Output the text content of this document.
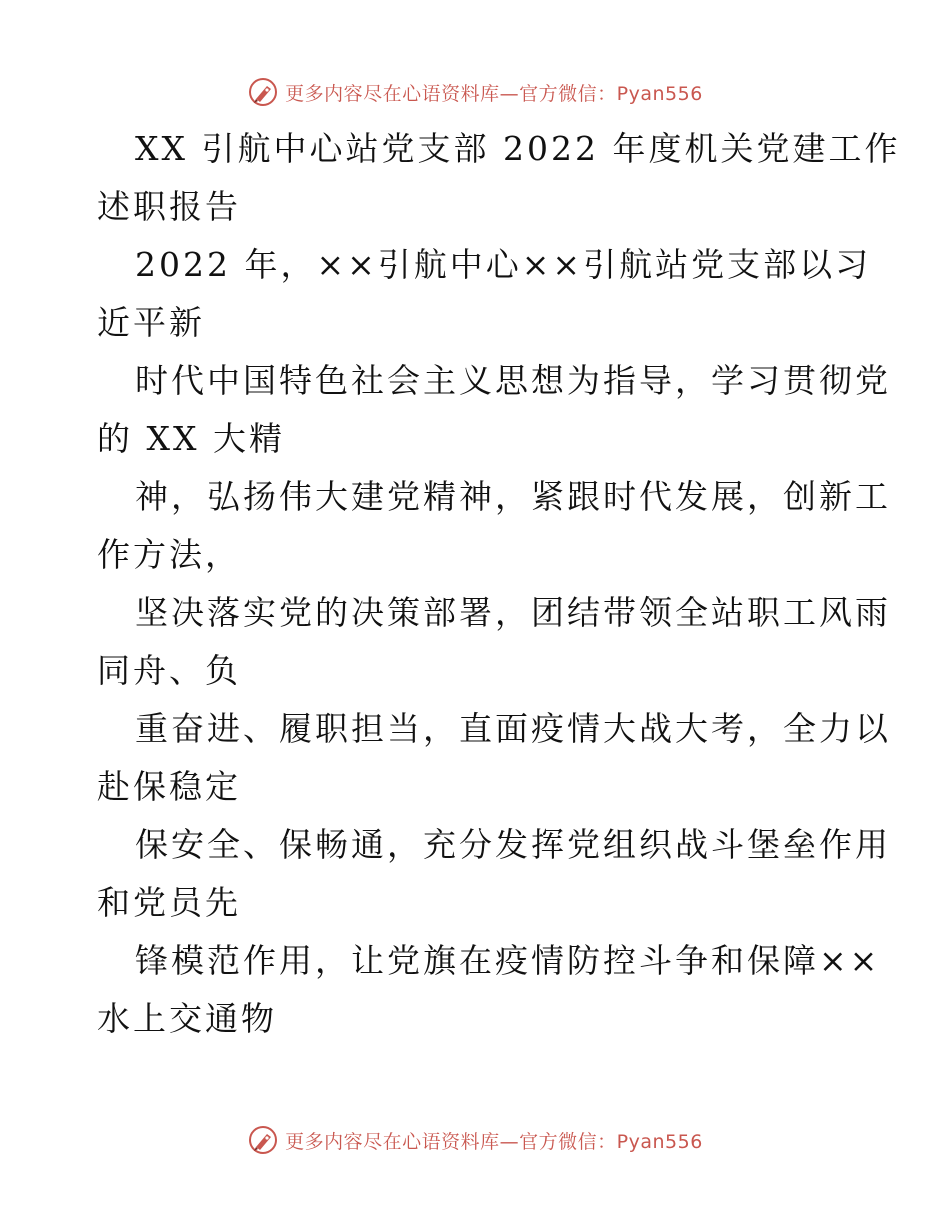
更多内容尽在心语资料库—官方微信：Pyan556
XX 引航中心站党支部 2022 年度机关党建工作
述职报告
2022 年，××引航中心××引航站党支部以习
近平新
时代中国特色社会主义思想为指导，学习贯彻党
的 XX 大精
神，弘扬伟大建党精神，紧跟时代发展，创新工
作方法，
坚决落实党的决策部署，团结带领全站职工风雨
同舟、负
重奋进、履职担当，直面疫情大战大考，全力以
赴保稳定
保安全、保畅通，充分发挥党组织战斗堡垒作用
和党员先
锋模范作用，让党旗在疫情防控斗争和保障××
水上交通物
更多内容尽在心语资料库—官方微信：Pyan556
